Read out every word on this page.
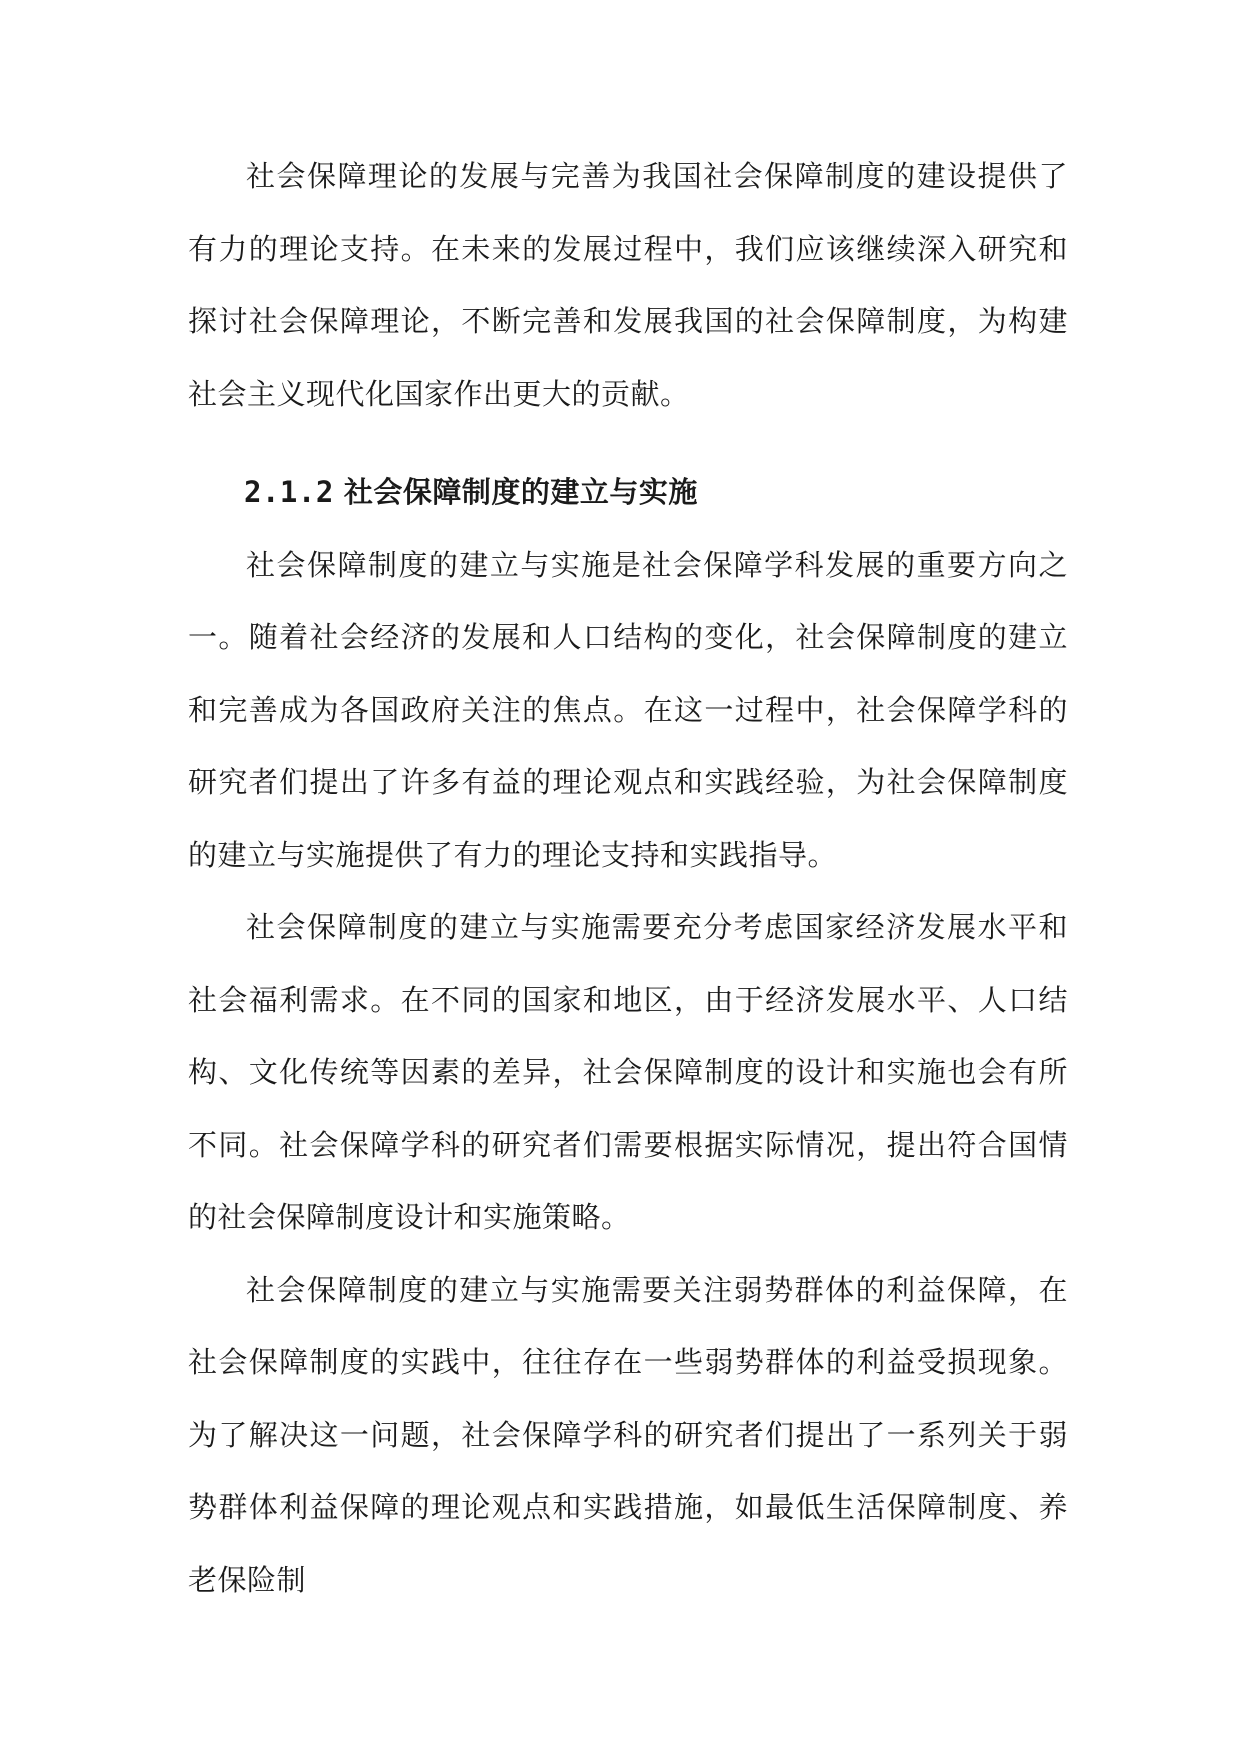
社会保障理论的发展与完善为我国社会保障制度的建设提供了有力的理论支持。在未来的发展过程中，我们应该继续深入研究和探讨社会保障理论，不断完善和发展我国的社会保障制度，为构建社会主义现代化国家作出更大的贡献。

2.1.2 社会保障制度的建立与实施

社会保障制度的建立与实施是社会保障学科发展的重要方向之一。随着社会经济的发展和人口结构的变化，社会保障制度的建立和完善成为各国政府关注的焦点。在这一过程中，社会保障学科的研究者们提出了许多有益的理论观点和实践经验，为社会保障制度的建立与实施提供了有力的理论支持和实践指导。

社会保障制度的建立与实施需要充分考虑国家经济发展水平和社会福利需求。在不同的国家和地区，由于经济发展水平、人口结构、文化传统等因素的差异，社会保障制度的设计和实施也会有所不同。社会保障学科的研究者们需要根据实际情况，提出符合国情的社会保障制度设计和实施策略。

社会保障制度的建立与实施需要关注弱势群体的利益保障，在社会保障制度的实践中，往往存在一些弱势群体的利益受损现象。为了解决这一问题，社会保障学科的研究者们提出了一系列关于弱势群体利益保障的理论观点和实践措施，如最低生活保障制度、养老保险制
